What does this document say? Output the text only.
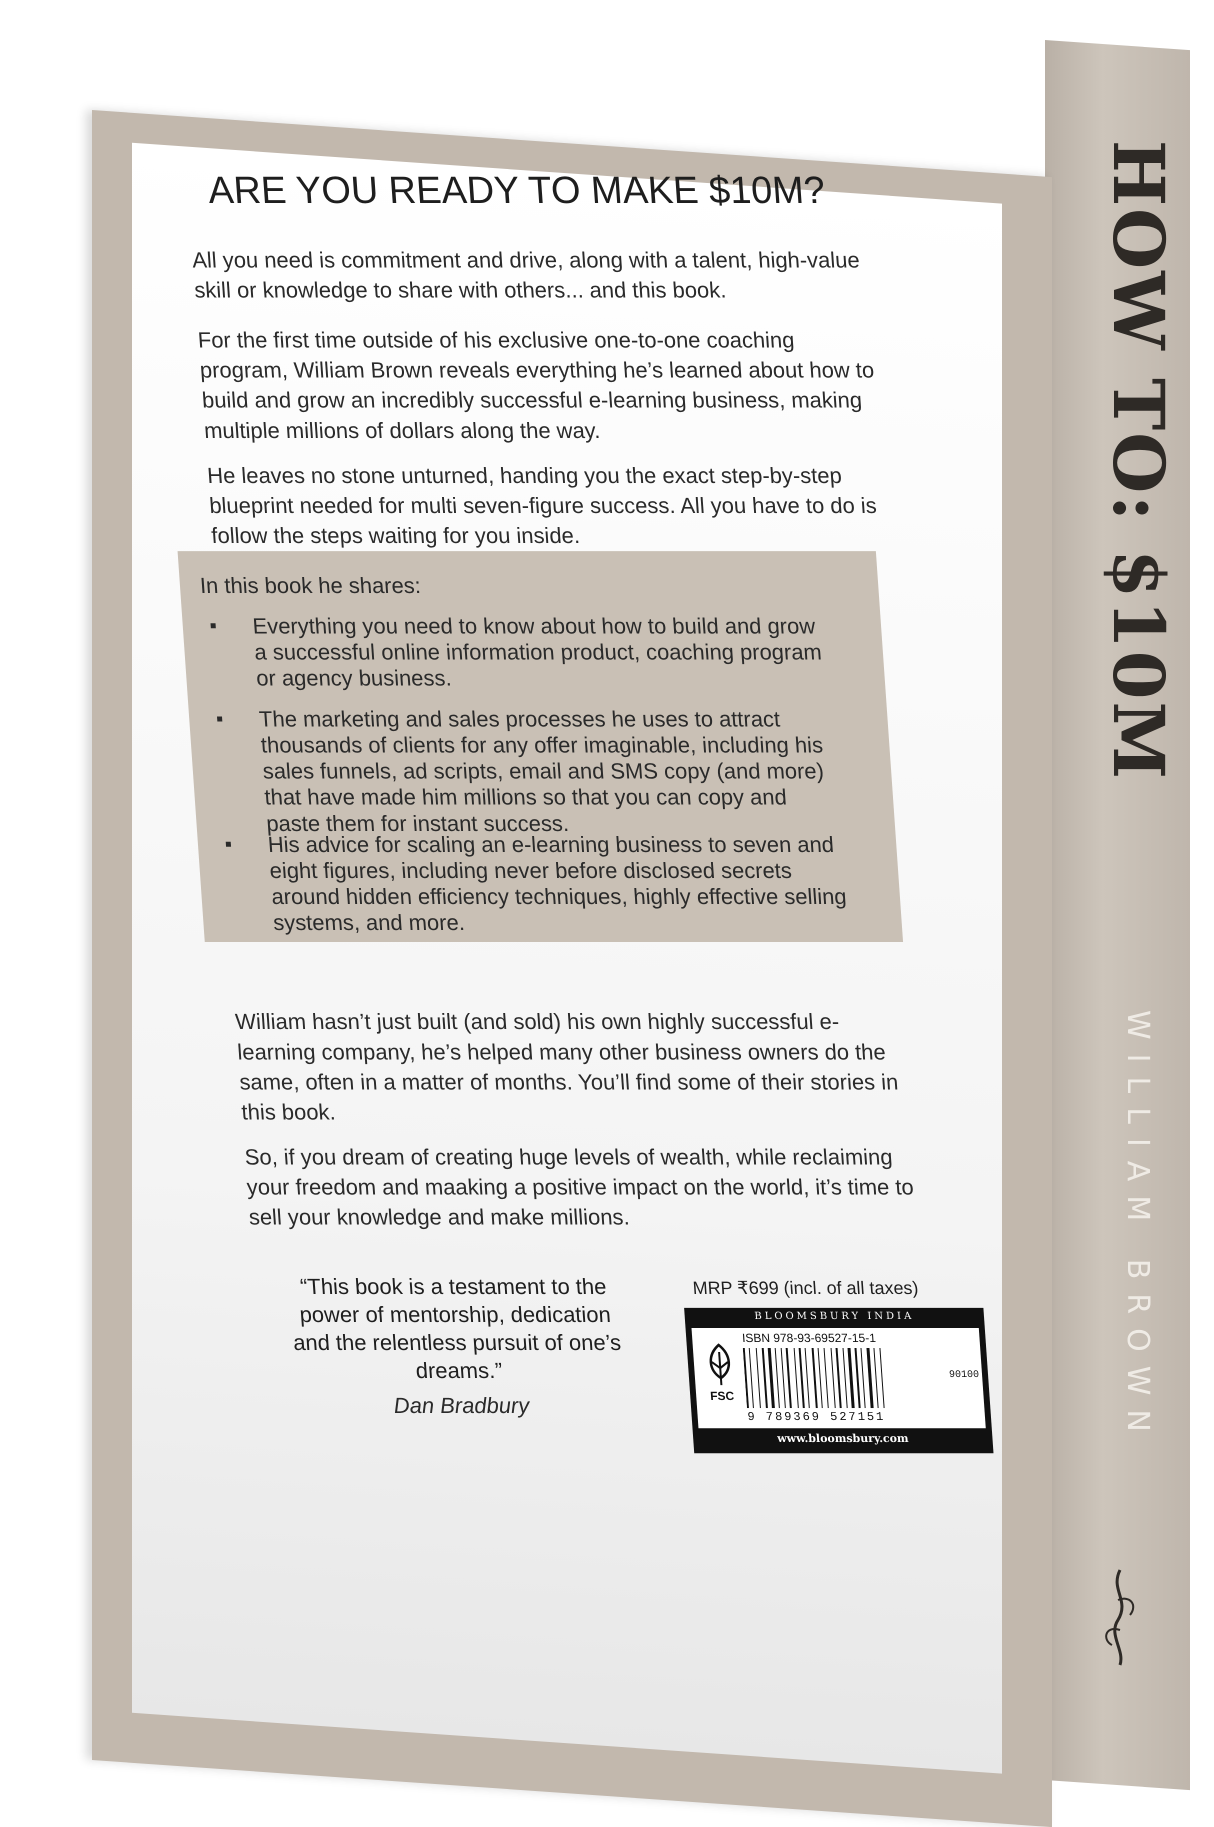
HOW TO: $10M
WILLIAM BROWN
ARE YOU READY TO MAKE $10M?
All you need is commitment and drive, along with a talent, high-value skill or knowledge to share with others... and this book.
For the first time outside of his exclusive one-to-one coaching program, William Brown reveals everything he’s learned about how to build and grow an incredibly successful e-learning business, making multiple millions of dollars along the way.
He leaves no stone unturned, handing you the exact step-by-step blueprint needed for multi seven-figure success. All you have to do is follow the steps waiting for you inside.
In this book he shares:
Everything you need to know about how to build and grow a successful online information product, coaching program or agency business.
The marketing and sales processes he uses to attract thousands of clients for any offer imaginable, including his sales funnels, ad scripts, email and SMS copy (and more) that have made him millions so that you can copy and paste them for instant success.
His advice for scaling an e-learning business to seven and eight figures, including never before disclosed secrets around hidden efficiency techniques, highly effective selling systems, and more.
William hasn’t just built (and sold) his own highly successful e-learning company, he’s helped many other business owners do the same, often in a matter of months. You’ll find some of their stories in this book.
So, if you dream of creating huge levels of wealth, while reclaiming your freedom and maaking a positive impact on the world, it’s time to sell your knowledge and make millions.
“This book is a testament to the power of mentorship, dedication and the relentless pursuit of one’s dreams.”
Dan Bradbury
MRP ₹699 (incl. of all taxes)
BLOOMSBURY INDIA
FSC
ISBN 978-93-69527-15-1
90100
9 789369 527151
www.bloomsbury.com
